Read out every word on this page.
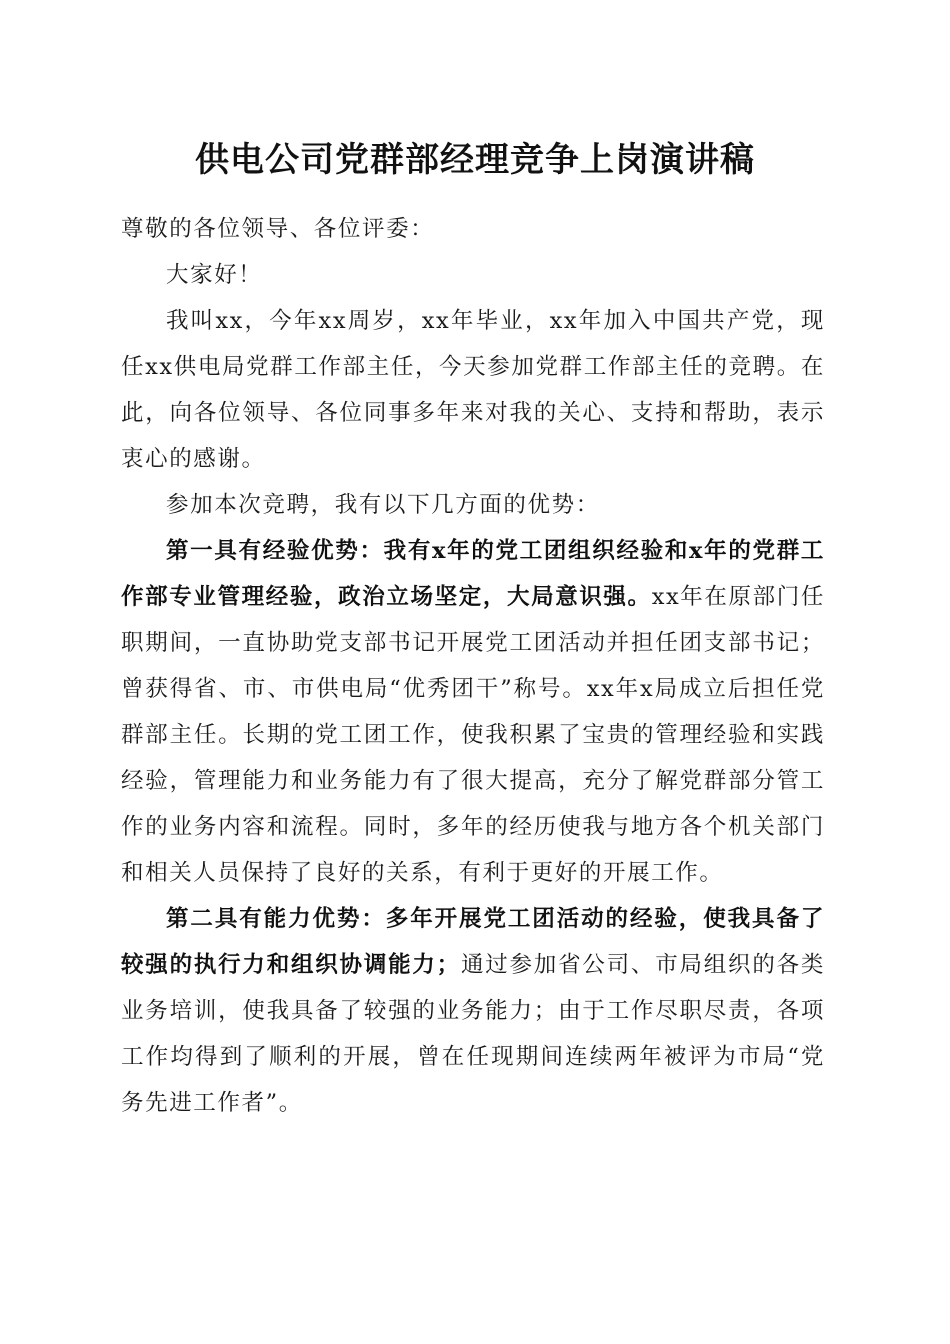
供电公司党群部经理竞争上岗演讲稿

尊敬的各位领导、各位评委：

大家好！

我叫xx，今年xx周岁，xx年毕业，xx年加入中国共产党，现任xx供电局党群工作部主任，今天参加党群工作部主任的竞聘。在此，向各位领导、各位同事多年来对我的关心、支持和帮助，表示衷心的感谢。

参加本次竞聘，我有以下几方面的优势：

第一具有经验优势：我有x年的党工团组织经验和x年的党群工作部专业管理经验，政治立场坚定，大局意识强。xx年在原部门任职期间，一直协助党支部书记开展党工团活动并担任团支部书记；曾获得省、市、市供电局“优秀团干”称号。xx年x局成立后担任党群部主任。长期的党工团工作，使我积累了宝贵的管理经验和实践经验，管理能力和业务能力有了很大提高，充分了解党群部分管工作的业务内容和流程。同时，多年的经历使我与地方各个机关部门和相关人员保持了良好的关系，有利于更好的开展工作。

第二具有能力优势：多年开展党工团活动的经验，使我具备了较强的执行力和组织协调能力；通过参加省公司、市局组织的各类业务培训，使我具备了较强的业务能力；由于工作尽职尽责，各项工作均得到了顺利的开展，曾在任现期间连续两年被评为市局“党务先进工作者”。
